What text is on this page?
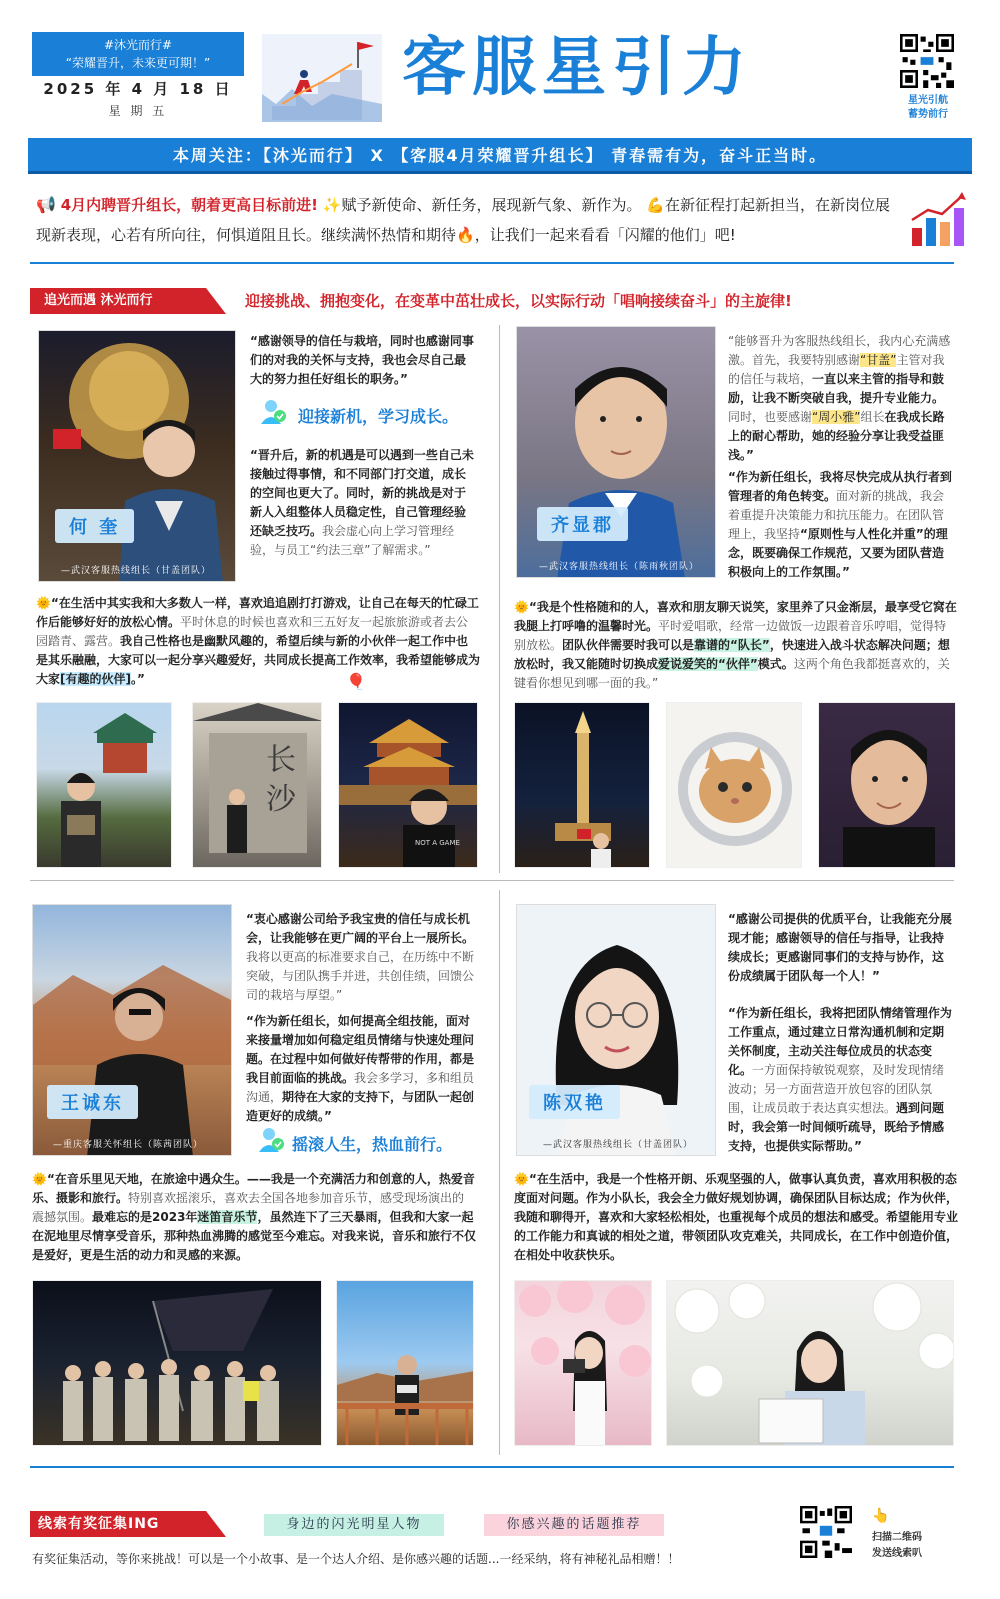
#沐光而行#
“荣耀晋升，未来更可期！”
2025 年 4 月 18 日
星 期 五
客服星引力	星光引航
蓄势前行
本周关注：【沐光而行】 X 【客服4月荣耀晋升组长】 青春需有为，奋斗正当时。
📢 4月内聘晋升组长，朝着更高目标前进! ✨赋予新使命、新任务，展现新气象、新作为。 💪在新征程打起新担当，在新岗位展现新表现，心若有所向往，何惧道阻且长。继续满怀热情和期待🔥，让我们一起来看看「闪耀的他们」吧!
追光而遇 沐光而行	迎接挑战、拥抱变化，在变革中茁壮成长，以实际行动「唱响接续奋斗」的主旋律!
何 奎
—武汉客服热线组长（甘盖团队）
“感谢领导的信任与栽培，同时也感谢同事们的对我的关怀与支持，我也会尽自己最大的努力担任好组长的职务。”
迎接新机，学习成长。
“晋升后，新的机遇是可以遇到一些自己未接触过得事情，和不同部门打交道，成长的空间也更大了。同时，新的挑战是对于新人入组整体人员稳定性，自己管理经验还缺乏技巧。我会虚心向上学习管理经验，与员工“约法三章”了解需求。”
🌞“在生活中其实我和大多数人一样，喜欢追追剧打打游戏，让自己在每天的忙碌工作后能够好好的放松心情。平时休息的时候也喜欢和三五好友一起旅旅游或者去公园踏青、露营。我自己性格也是幽默风趣的，希望后续与新的小伙伴一起工作中也是其乐融融，大家可以一起分享兴趣爱好，共同成长提高工作效率，我希望能够成为大家[有趣的伙伴]。”	🎈
长 沙
NOT A GAME
齐显郡
—武汉客服热线组长（陈雨秋团队）
“能够晋升为客服热线组长，我内心充满感激。首先，我要特别感谢“甘盖”主管对我的信任与栽培，一直以来主管的指导和鼓励，让我不断突破自我，提升专业能力。同时，也要感谢“周小雅”组长在我成长路上的耐心帮助，她的经验分享让我受益匪浅。”
“作为新任组长，我将尽快完成从执行者到管理者的角色转变。面对新的挑战，我会着重提升决策能力和抗压能力。在团队管理上，我坚持“原则性与人性化并重”的理念，既要确保工作规范，又要为团队营造积极向上的工作氛围。”
🌞“我是个性格随和的人，喜欢和朋友聊天说笑，家里养了只金渐层，最享受它窝在我腿上打呼噜的温馨时光。平时爱唱歌，经常一边做饭一边跟着音乐哼唱，觉得特别放松。团队伙伴需要时我可以是靠谱的“队长”，快速进入战斗状态解决问题；想放松时，我又能随时切换成爱说爱笑的“伙伴”模式。这两个角色我都挺喜欢的，关键看你想见到哪一面的我。”
王诚东
—重庆客服关怀组长（陈茜团队）
“衷心感谢公司给予我宝贵的信任与成长机会，让我能够在更广阔的平台上一展所长。我将以更高的标准要求自己，在历练中不断突破，与团队携手并进，共创佳绩，回馈公司的栽培与厚望。”
“作为新任组长，如何提高全组技能，面对来接量增加如何稳定组员情绪与快速处理问题。在过程中如何做好传帮带的作用，都是我目前面临的挑战。我会多学习，多和组员沟通，期待在大家的支持下，与团队一起创造更好的成绩。”
摇滚人生，热血前行。
🌞“在音乐里见天地，在旅途中遇众生。——我是一个充满活力和创意的人，热爱音乐、摄影和旅行。特别喜欢摇滚乐，喜欢去全国各地参加音乐节，感受现场演出的震撼氛围。最难忘的是2023年迷笛音乐节，虽然连下了三天暴雨，但我和大家一起在泥地里尽情享受音乐，那种热血沸腾的感觉至今难忘。对我来说，音乐和旅行不仅是爱好，更是生活的动力和灵感的来源。
陈双艳
—武汉客服热线组长（甘盖团队）
“感谢公司提供的优质平台，让我能充分展现才能；感谢领导的信任与指导，让我持续成长；更感谢同事们的支持与协作，这份成绩属于团队每一个人！”
“作为新任组长，我将把团队情绪管理作为工作重点，通过建立日常沟通机制和定期关怀制度，主动关注每位成员的状态变化。一方面保持敏锐观察，及时发现情绪波动；另一方面营造开放包容的团队氛围，让成员敢于表达真实想法。遇到问题时，我会第一时间倾听疏导，既给予情感支持，也提供实际帮助。”
🌞“在生活中，我是一个性格开朗、乐观坚强的人，做事认真负责，喜欢用积极的态度面对问题。作为小队长，我会全力做好规划协调，确保团队目标达成；作为伙伴，我随和聊得开，喜欢和大家轻松相处，也重视每个成员的想法和感受。希望能用专业的工作能力和真诚的相处之道，带领团队攻克难关，共同成长，在工作中创造价值，在相处中收获快乐。
线索有奖征集ING	身边的闪光明星人物	你感兴趣的话题推荐
有奖征集活动，等你来挑战！可以是一个小故事、是一个达人介绍、是你感兴趣的话题...一经采纳，将有神秘礼品相赠！！
👆
扫描二维码
发送线索叭
